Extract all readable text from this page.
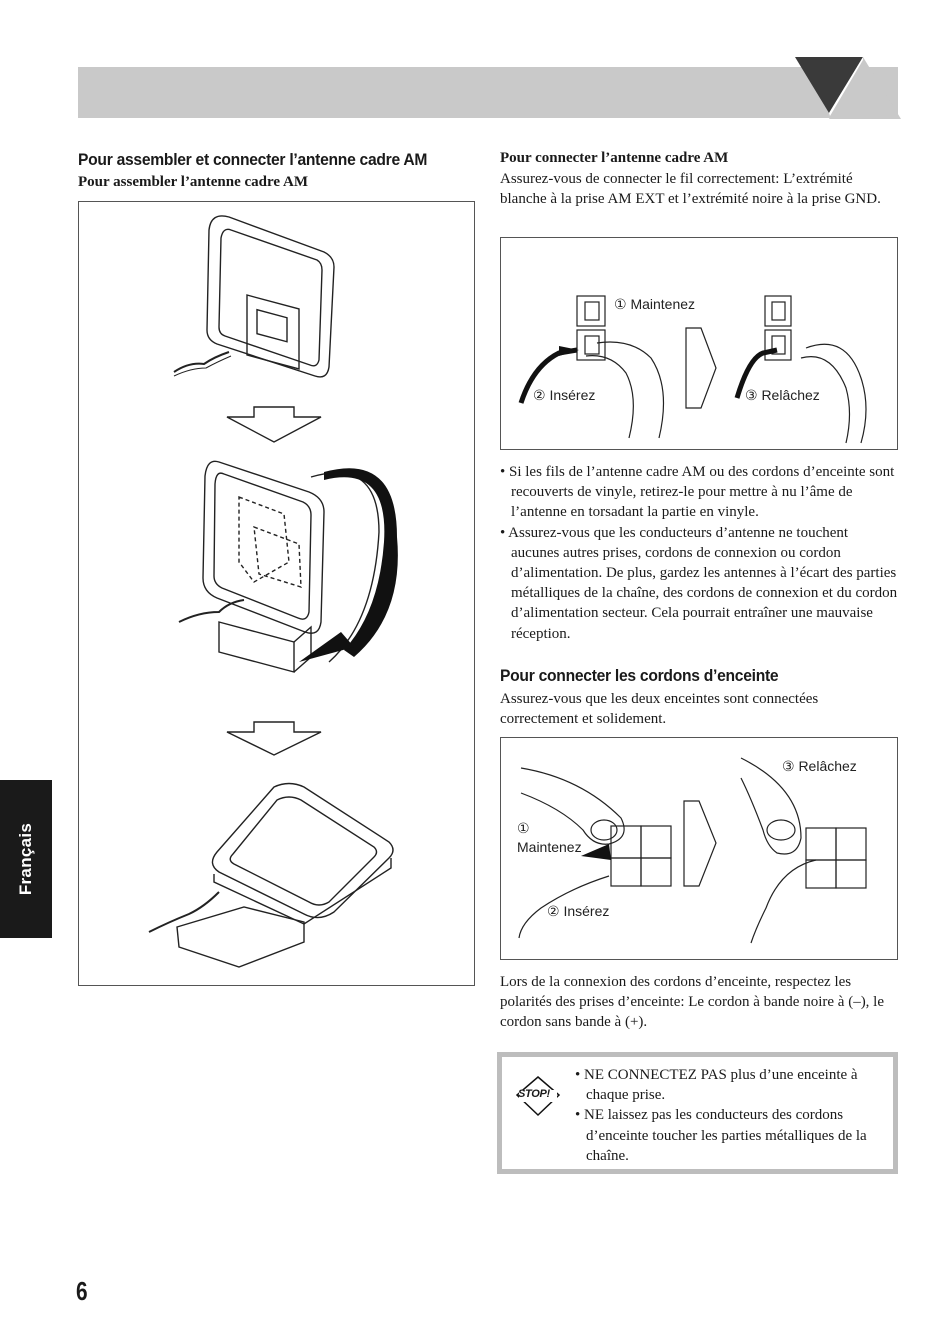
Pour assembler et connecter l’antenne cadre AM
Pour assembler l’antenne cadre AM
Pour connecter l’antenne cadre AM
Assurez-vous de connecter le fil correctement: L’extrémité blanche à la prise AM EXT et l’extrémité noire à la prise GND.
① Maintenez
② Insérez	③ Relâchez
• Si les fils de l’antenne cadre AM ou des cordons d’enceinte sont recouverts de vinyle, retirez-le pour mettre à nu l’âme de l’antenne en torsadant la partie en vinyle.
• Assurez-vous que les conducteurs d’antenne ne touchent aucunes autres prises, cordons de connexion ou cordon d’alimentation. De plus, gardez les antennes à l’écart des parties métalliques de la chaîne, des cordons de connexion et du cordon d’alimentation secteur. Cela pourrait entraîner une mauvaise réception.
Pour connecter les cordons d’enceinte
Assurez-vous que les deux enceintes sont connectées correctement et solidement.
③ Relâchez
①
Maintenez
② Insérez
Lors de la connexion des cordons d’enceinte, respectez les polarités des prises d’enceinte: Le cordon à bande noire à (–), le cordon sans bande à (+).
STOP!
• NE CONNECTEZ PAS plus d’une enceinte à chaque prise.
• NE laissez pas les conducteurs des cordons d’enceinte toucher les parties métalliques de la chaîne.
Français
6
